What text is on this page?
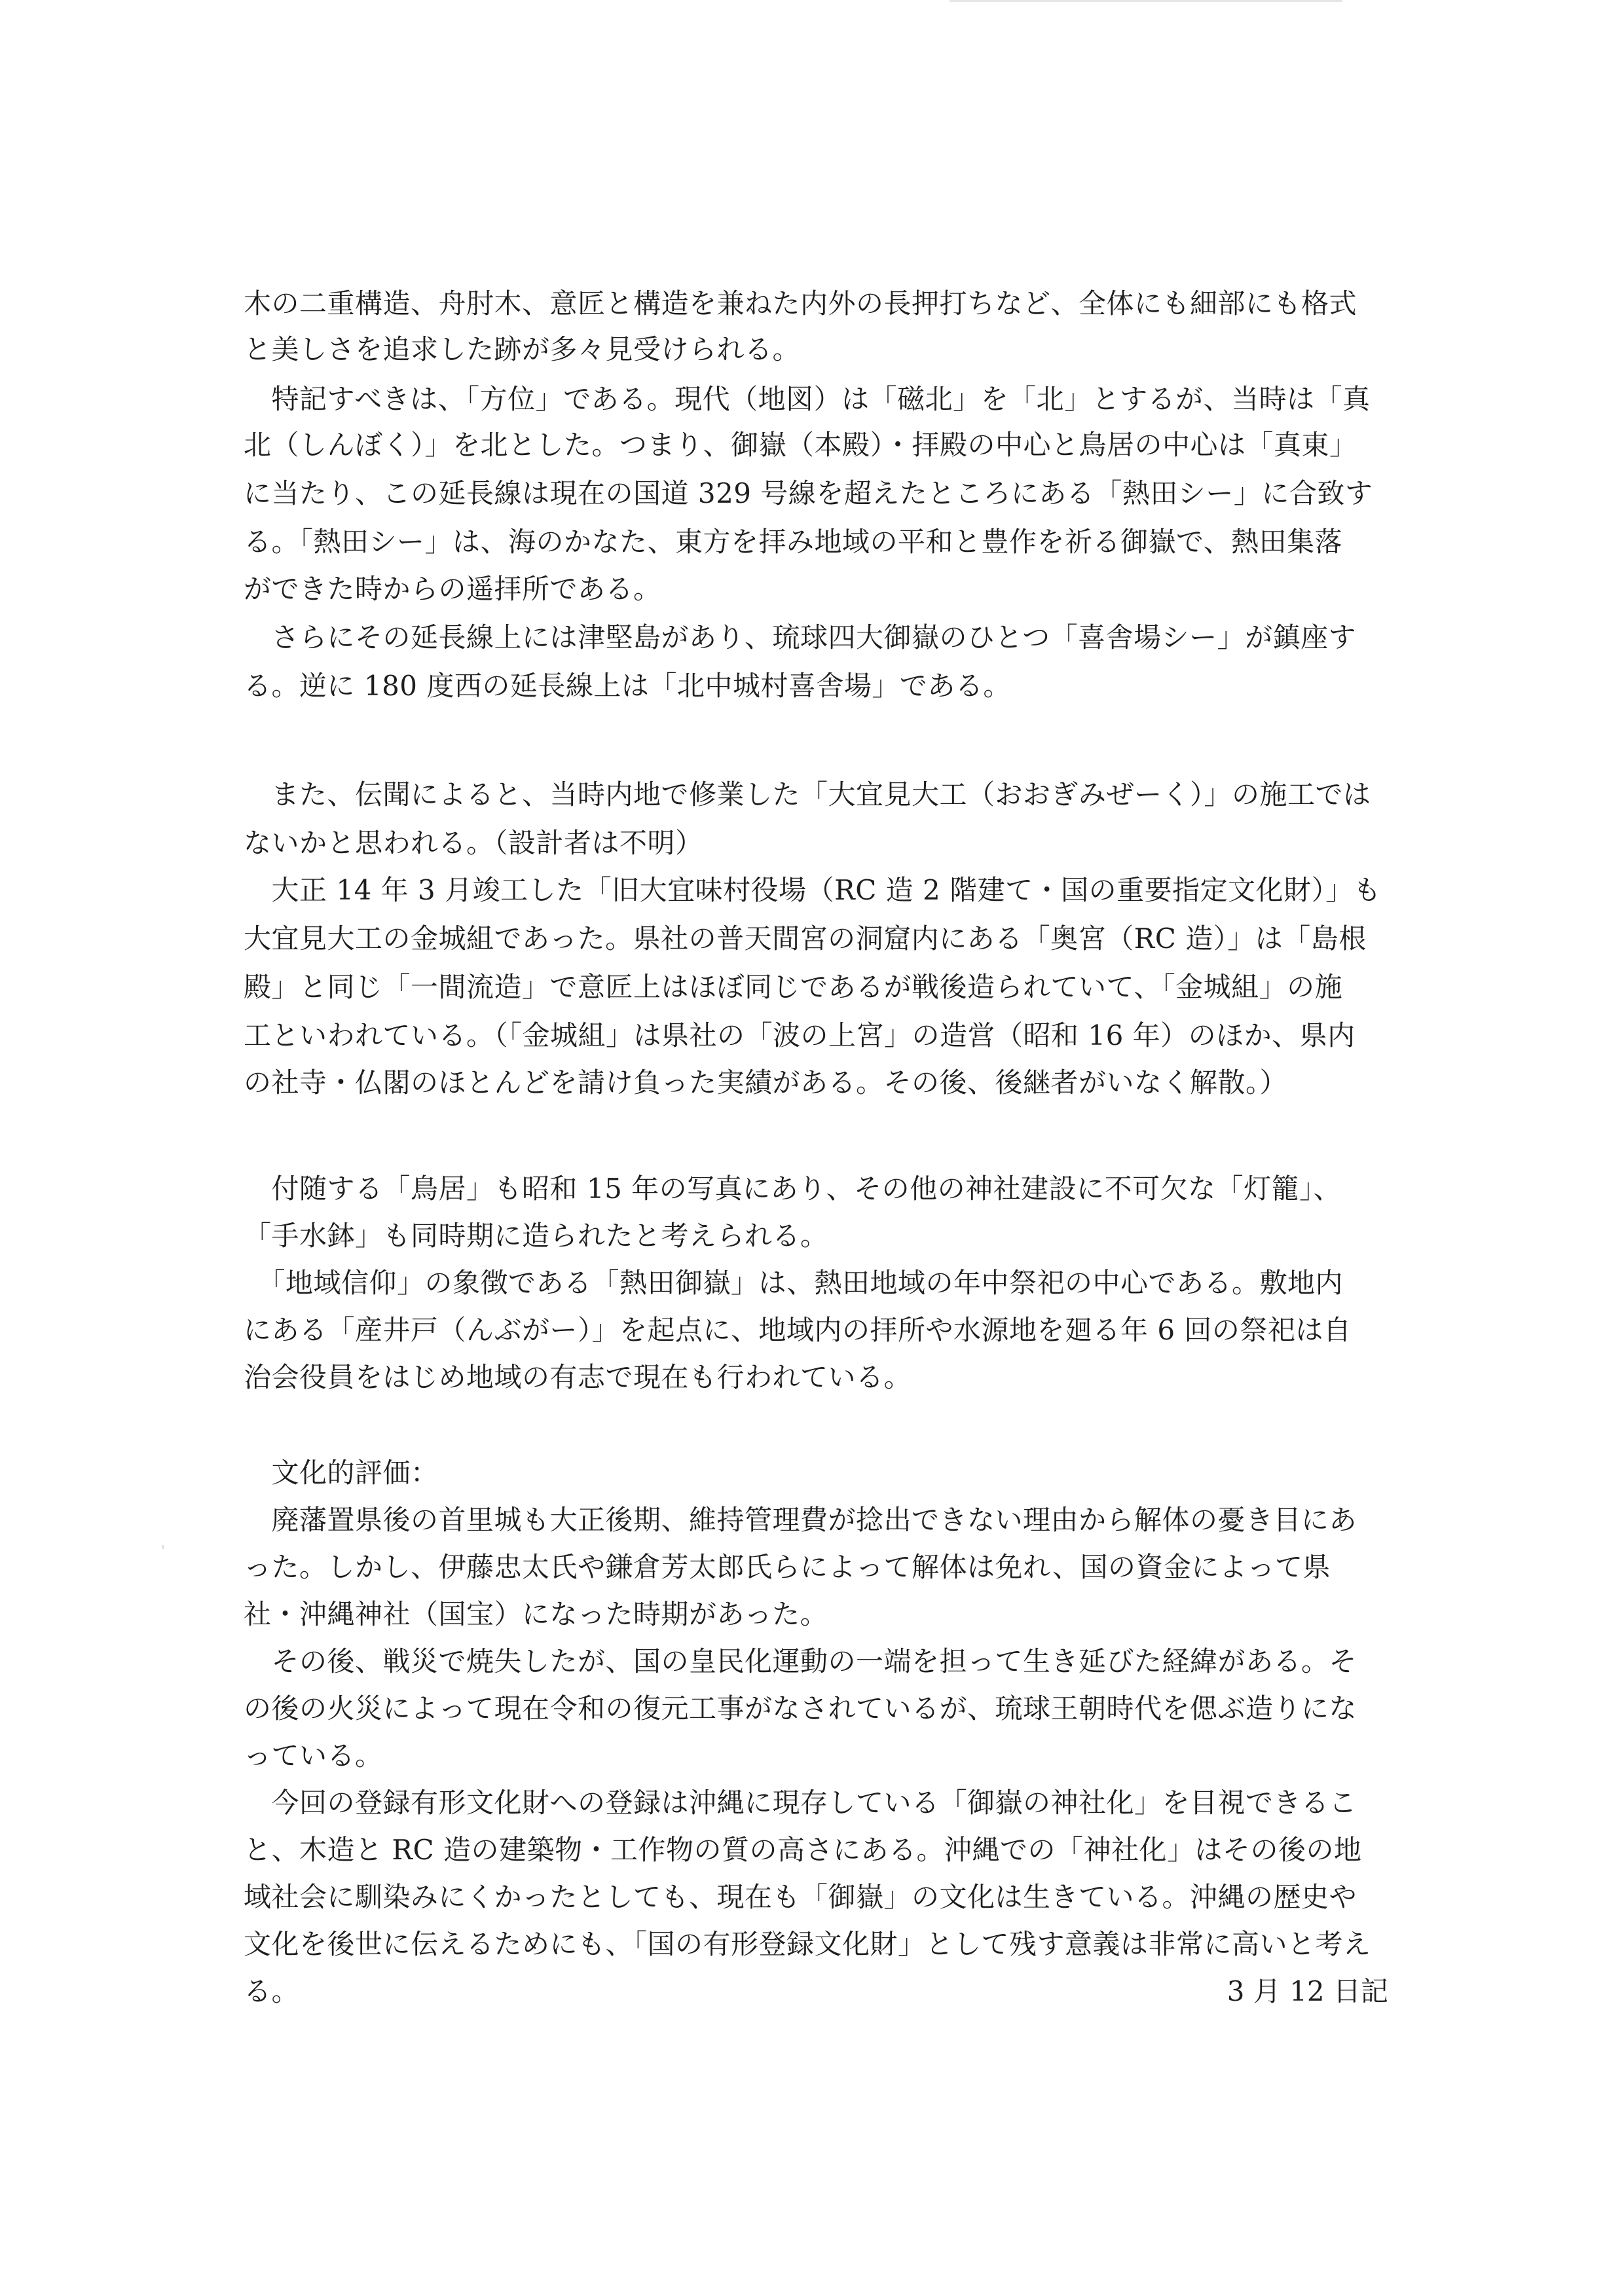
木の二重構造、舟肘木、意匠と構造を兼ねた内外の長押打ちなど、全体にも細部にも格式
と美しさを追求した跡が多々見受けられる。
　特記すべきは、「方位」である。現代（地図）は「磁北」を「北」とするが、当時は「真
北（しんぼく）」を北とした。つまり、御嶽（本殿）・拝殿の中心と鳥居の中心は「真東」
に当たり、この延長線は現在の国道 329 号線を超えたところにある「熱田シー」に合致す
る。「熱田シー」は、海のかなた、東方を拝み地域の平和と豊作を祈る御嶽で、熱田集落
ができた時からの遥拝所である。
　さらにその延長線上には津堅島があり、琉球四大御嶽のひとつ「喜舎場シー」が鎮座す
る。逆に 180 度西の延長線上は「北中城村喜舎場」である。
　また、伝聞によると、当時内地で修業した「大宜見大工（おおぎみぜーく）」の施工では
ないかと思われる。（設計者は不明）
　大正 14 年 3 月竣工した「旧大宜味村役場（RC 造 2 階建て・国の重要指定文化財）」も
大宜見大工の金城組であった。県社の普天間宮の洞窟内にある「奥宮（RC 造）」は「島根
殿」と同じ「一間流造」で意匠上はほぼ同じであるが戦後造られていて、「金城組」の施
工といわれている。（「金城組」は県社の「波の上宮」の造営（昭和 16 年）のほか、県内
の社寺・仏閣のほとんどを請け負った実績がある。その後、後継者がいなく解散。）
　付随する「鳥居」も昭和 15 年の写真にあり、その他の神社建設に不可欠な「灯籠」、
「手水鉢」も同時期に造られたと考えられる。
　「地域信仰」の象徴である「熱田御嶽」は、熱田地域の年中祭祀の中心である。敷地内
にある「産井戸（んぶがー）」を起点に、地域内の拝所や水源地を廻る年 6 回の祭祀は自
治会役員をはじめ地域の有志で現在も行われている。
　文化的評価：
　廃藩置県後の首里城も大正後期、維持管理費が捻出できない理由から解体の憂き目にあ
った。しかし、伊藤忠太氏や鎌倉芳太郎氏らによって解体は免れ、国の資金によって県
社・沖縄神社（国宝）になった時期があった。
　その後、戦災で焼失したが、国の皇民化運動の一端を担って生き延びた経緯がある。そ
の後の火災によって現在令和の復元工事がなされているが、琉球王朝時代を偲ぶ造りにな
っている。
　今回の登録有形文化財への登録は沖縄に現存している「御嶽の神社化」を目視できるこ
と、木造と RC 造の建築物・工作物の質の高さにある。沖縄での「神社化」はその後の地
域社会に馴染みにくかったとしても、現在も「御嶽」の文化は生きている。沖縄の歴史や
文化を後世に伝えるためにも、「国の有形登録文化財」として残す意義は非常に高いと考え
る。	3 月 12 日記
